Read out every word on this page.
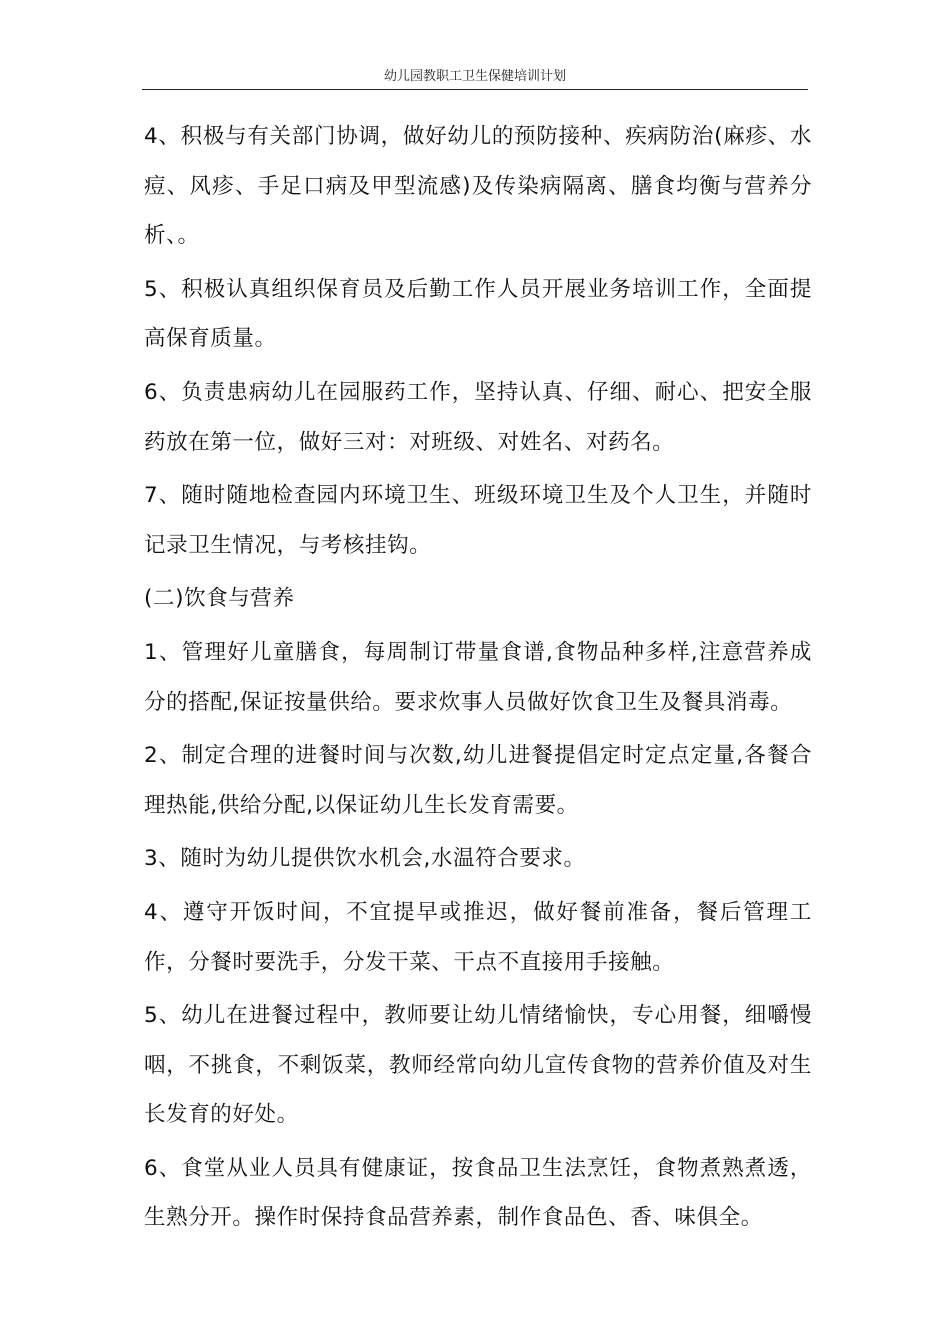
幼儿园教职工卫生保健培训计划

4、积极与有关部门协调，做好幼儿的预防接种、疾病防治(麻疹、水痘、风疹、手足口病及甲型流感)及传染病隔离、膳食均衡与营养分析、。

5、积极认真组织保育员及后勤工作人员开展业务培训工作，全面提高保育质量。

6、负责患病幼儿在园服药工作，坚持认真、仔细、耐心、把安全服药放在第一位，做好三对：对班级、对姓名、对药名。

7、随时随地检查园内环境卫生、班级环境卫生及个人卫生，并随时记录卫生情况，与考核挂钩。

(二)饮食与营养

1、管理好儿童膳食，每周制订带量食谱,食物品种多样,注意营养成分的搭配,保证按量供给。要求炊事人员做好饮食卫生及餐具消毒。

2、制定合理的进餐时间与次数,幼儿进餐提倡定时定点定量,各餐合理热能,供给分配,以保证幼儿生长发育需要。

3、随时为幼儿提供饮水机会,水温符合要求。

4、遵守开饭时间，不宜提早或推迟，做好餐前准备，餐后管理工作，分餐时要洗手，分发干菜、干点不直接用手接触。

5、幼儿在进餐过程中，教师要让幼儿情绪愉快，专心用餐，细嚼慢咽，不挑食，不剩饭菜，教师经常向幼儿宣传食物的营养价值及对生长发育的好处。

6、食堂从业人员具有健康证，按食品卫生法烹饪，食物煮熟煮透，生熟分开。操作时保持食品营养素，制作食品色、香、味俱全。
